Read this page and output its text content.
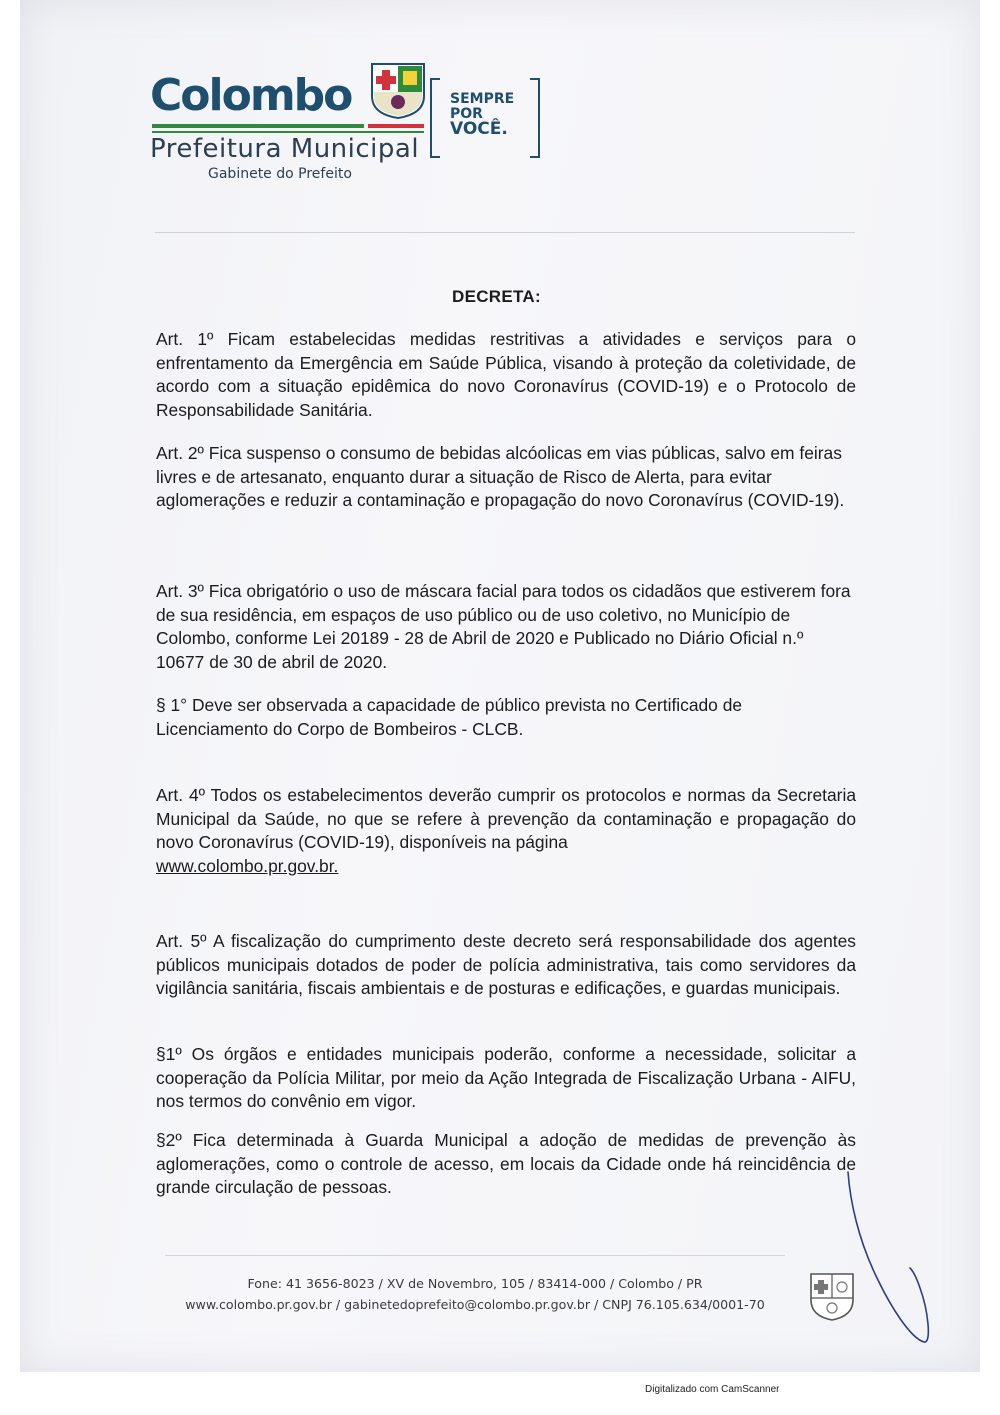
Colombo
Prefeitura Municipal
Gabinete do Prefeito
SEMPRE
POR
VOCÊ.
DECRETA:

Art. 1º Ficam estabelecidas medidas restritivas a atividades e serviços para o enfrentamento da Emergência em Saúde Pública, visando à proteção da coletividade, de acordo com a situação epidêmica do novo Coronavírus (COVID-19) e o Protocolo de Responsabilidade Sanitária.

Art. 2º Fica suspenso o consumo de bebidas alcóolicas em vias públicas, salvo em feiras livres e de artesanato, enquanto durar a situação de Risco de Alerta, para evitar aglomerações e reduzir a contaminação e propagação do novo Coronavírus (COVID-19).

Art. 3º Fica obrigatório o uso de máscara facial para todos os cidadãos que estiverem fora de sua residência, em espaços de uso público ou de uso coletivo, no Município de Colombo, conforme Lei 20189 - 28 de Abril de 2020 e Publicado no Diário Oficial n.º 10677 de 30 de abril de 2020.

§ 1° Deve ser observada a capacidade de público prevista no Certificado de Licenciamento do Corpo de Bombeiros - CLCB.

Art. 4º Todos os estabelecimentos deverão cumprir os protocolos e normas da Secretaria Municipal da Saúde, no que se refere à prevenção da contaminação e propagação do novo Coronavírus (COVID-19), disponíveis na página
www.colombo.pr.gov.br.

Art. 5º A fiscalização do cumprimento deste decreto será responsabilidade dos agentes públicos municipais dotados de poder de polícia administrativa, tais como servidores da vigilância sanitária, fiscais ambientais e de posturas e edificações, e guardas municipais.

§1º Os órgãos e entidades municipais poderão, conforme a necessidade, solicitar a cooperação da Polícia Militar, por meio da Ação Integrada de Fiscalização Urbana - AIFU, nos termos do convênio em vigor.

§2º Fica determinada à Guarda Municipal a adoção de medidas de prevenção às aglomerações, como o controle de acesso, em locais da Cidade onde há reincidência de grande circulação de pessoas.

Fone: 41 3656-8023 / XV de Novembro, 105 / 83414-000 / Colombo / PR
www.colombo.pr.gov.br / gabinetedoprefeito@colombo.pr.gov.br / CNPJ 76.105.634/0001-70
Digitalizado com CamScanner
